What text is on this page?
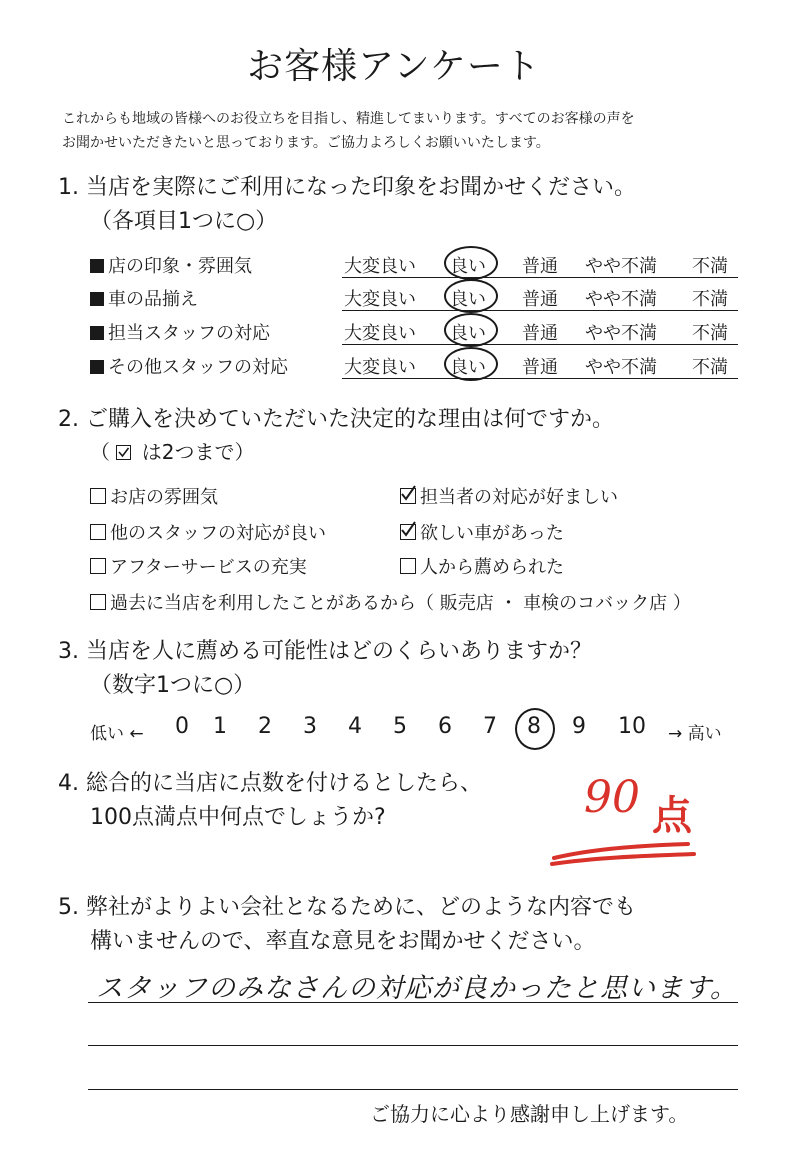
お客様アンケート
これからも地域の皆様へのお役立ちを目指し、精進してまいります。すべてのお客様の声を
お聞かせいただきたいと思っております。ご協力よろしくお願いいたします。
1. 当店を実際にご利用になった印象をお聞かせください。
（各項目1つに○）
店の印象・雰囲気	大変良い 良い 普通 やや不満 不満
車の品揃え	大変良い 良い 普通 やや不満 不満
担当スタッフの対応	大変良い 良い 普通 やや不満 不満
その他スタッフの対応	大変良い 良い 普通 やや不満 不満
2. ご購入を決めていただいた決定的な理由は何ですか。
（ は2つまで）
お店の雰囲気	担当者の対応が好ましい
他のスタッフの対応が良い	欲しい車があった
アフターサービスの充実	人から薦められた
過去に当店を利用したことがあるから（ 販売店 ・ 車検のコバック店 ）
3. 当店を人に薦める可能性はどのくらいありますか？
（数字1つに○）
低い ← 0 1 2 3 4 5 6 7 8 9 10 → 高い
4. 総合的に当店に点数を付けるとしたら、
100点満点中何点でしょうか?	90 点
5. 弊社がよりよい会社となるために、どのような内容でも
構いませんので、率直な意見をお聞かせください。
スタッフのみなさんの対応が良かったと思います。
ご協力に心より感謝申し上げます。
